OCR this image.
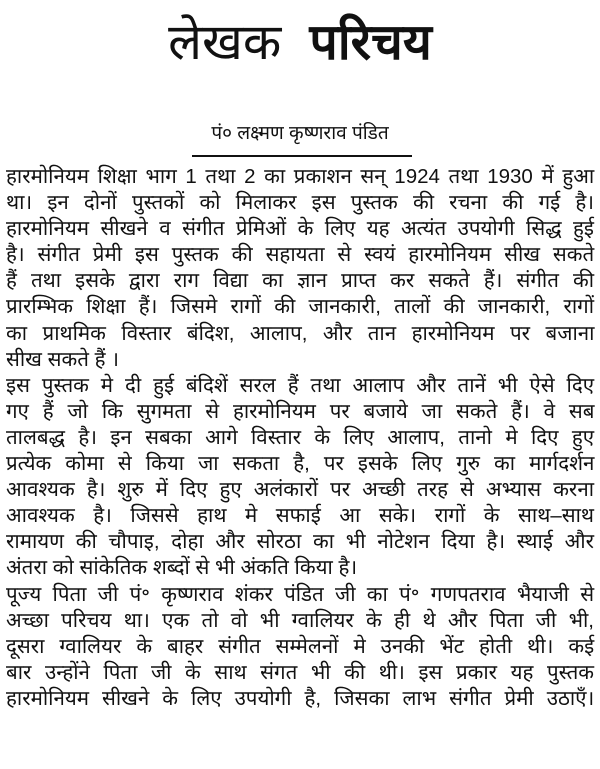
लेखक परिचय
पं० लक्ष्मण कृष्णराव पंडित
हारमोनियम शिक्षा भाग 1 तथा 2 का प्रकाशन सन् 1924 तथा 1930 में हुआ
था। इन दोनों पुस्तकों को मिलाकर इस पुस्तक की रचना की गई है।
हारमोनियम सीखने व संगीत प्रेमिओं के लिए यह अत्यंत उपयोगी सिद्ध हुई
है। संगीत प्रेमी इस पुस्तक की सहायता से स्वयं हारमोनियम सीख सकते
हैं तथा इसके द्वारा राग विद्या का ज्ञान प्राप्त कर सकते हैं। संगीत की
प्रारम्भिक शिक्षा हैं। जिसमे रागों की जानकारी, तालों की जानकारी, रागों
का प्राथमिक विस्तार बंदिश, आलाप, और तान हारमोनियम पर बजाना
सीख सकते हैं ।
इस पुस्तक मे दी हुई बंदिशें सरल हैं तथा आलाप और तानें भी ऐसे दिए
गए हैं जो कि सुगमता से हारमोनियम पर बजाये जा सकते हैं। वे सब
तालबद्ध है। इन सबका आगे विस्तार के लिए आलाप, तानो मे दिए हुए
प्रत्येक कोमा से किया जा सकता है, पर इसके लिए गुरु का मार्गदर्शन
आवश्यक है। शुरु में दिए हुए अलंकारों पर अच्छी तरह से अभ्यास करना
आवश्यक है। जिससे हाथ मे सफाई आ सके। रागों के साथ–साथ
रामायण की चौपाइ, दोहा और सोरठा का भी नोटेशन दिया है। स्थाई और
अंतरा को सांकेतिक शब्दों से भी अंकति किया है।
पूज्य पिता जी पं॰ कृष्णराव शंकर पंडित जी का पं॰ गणपतराव भैयाजी से
अच्छा परिचय था। एक तो वो भी ग्वालियर के ही थे और पिता जी भी,
दूसरा ग्वालियर के बाहर संगीत सम्मेलनों मे उनकी भेंट होती थी। कई
बार उन्होंने पिता जी के साथ संगत भी की थी। इस प्रकार यह पुस्तक
हारमोनियम सीखने के लिए उपयोगी है, जिसका लाभ संगीत प्रेमी उठाएँ।
